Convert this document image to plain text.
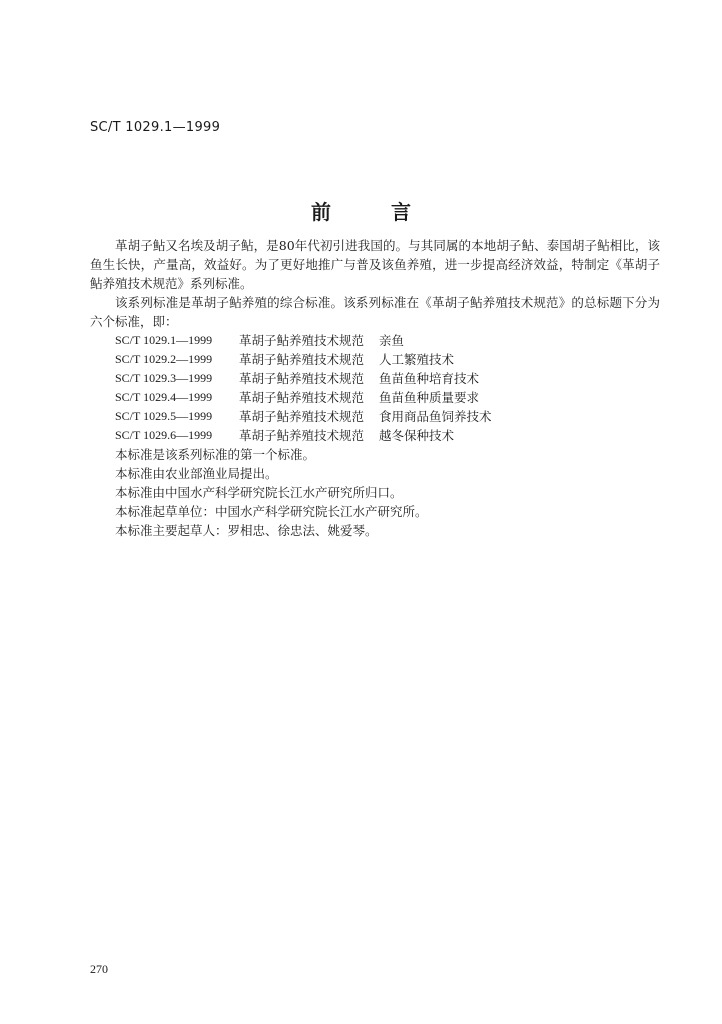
SC/T 1029.1—1999
前言

革胡子鲇又名埃及胡子鲇，是80年代初引进我国的。与其同属的本地胡子鲇、泰国胡子鲇相比，该鱼生长快，产量高，效益好。为了更好地推广与普及该鱼养殖，进一步提高经济效益，特制定《革胡子鲇养殖技术规范》系列标准。

该系列标准是革胡子鲇养殖的综合标准。该系列标准在《革胡子鲇养殖技术规范》的总标题下分为六个标准，即：

SC/T 1029.1—1999	革胡子鲇养殖技术规范	亲鱼
SC/T 1029.2—1999	革胡子鲇养殖技术规范	人工繁殖技术
SC/T 1029.3—1999	革胡子鲇养殖技术规范	鱼苗鱼种培育技术
SC/T 1029.4—1999	革胡子鲇养殖技术规范	鱼苗鱼种质量要求
SC/T 1029.5—1999	革胡子鲇养殖技术规范	食用商品鱼饲养技术
SC/T 1029.6—1999	革胡子鲇养殖技术规范	越冬保种技术

本标准是该系列标准的第一个标准。

本标准由农业部渔业局提出。

本标准由中国水产科学研究院长江水产研究所归口。

本标准起草单位：中国水产科学研究院长江水产研究所。

本标准主要起草人：罗相忠、徐忠法、姚爱琴。

270
